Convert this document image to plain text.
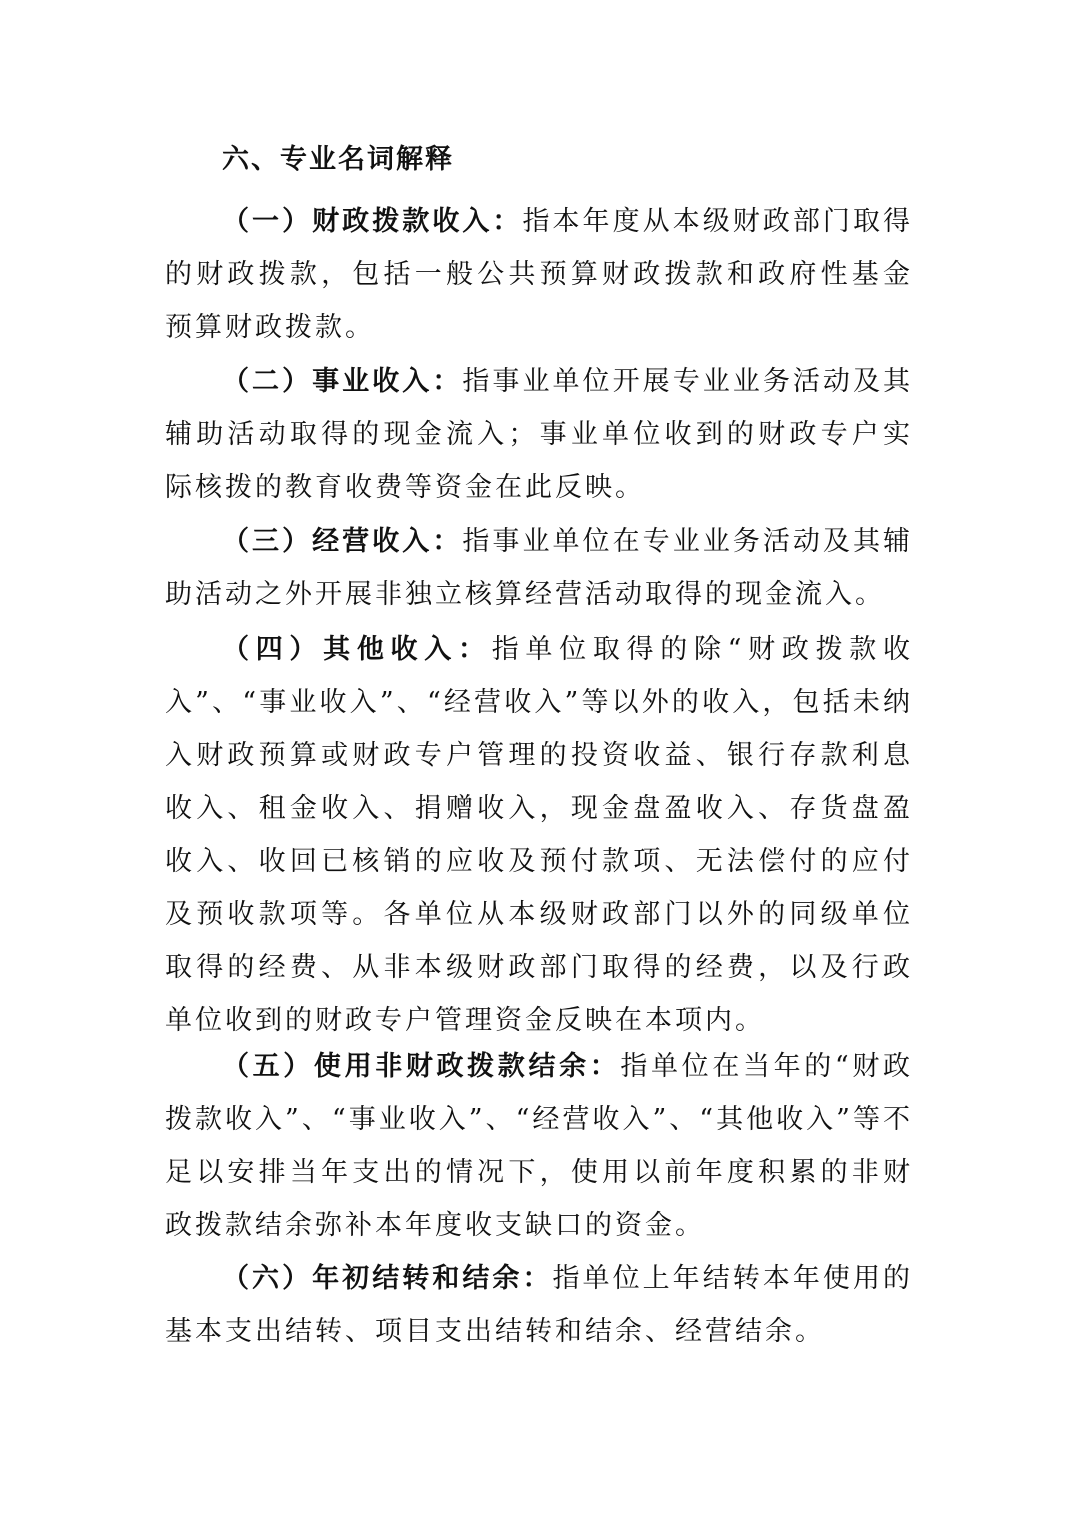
六、专业名词解释

（一）财政拨款收入：指本年度从本级财政部门取得的财政拨款，包括一般公共预算财政拨款和政府性基金预算财政拨款。

（二）事业收入：指事业单位开展专业业务活动及其辅助活动取得的现金流入；事业单位收到的财政专户实际核拨的教育收费等资金在此反映。

（三）经营收入：指事业单位在专业业务活动及其辅助活动之外开展非独立核算经营活动取得的现金流入。

（四）其他收入：指单位取得的除“财政拨款收入”、“事业收入”、“经营收入”等以外的收入，包括未纳入财政预算或财政专户管理的投资收益、银行存款利息收入、租金收入、捐赠收入，现金盘盈收入、存货盘盈收入、收回已核销的应收及预付款项、无法偿付的应付及预收款项等。各单位从本级财政部门以外的同级单位取得的经费、从非本级财政部门取得的经费，以及行政单位收到的财政专户管理资金反映在本项内。

（五）使用非财政拨款结余：指单位在当年的“财政拨款收入”、“事业收入”、“经营收入”、“其他收入”等不足以安排当年支出的情况下，使用以前年度积累的非财政拨款结余弥补本年度收支缺口的资金。

（六）年初结转和结余：指单位上年结转本年使用的基本支出结转、项目支出结转和结余、经营结余。
